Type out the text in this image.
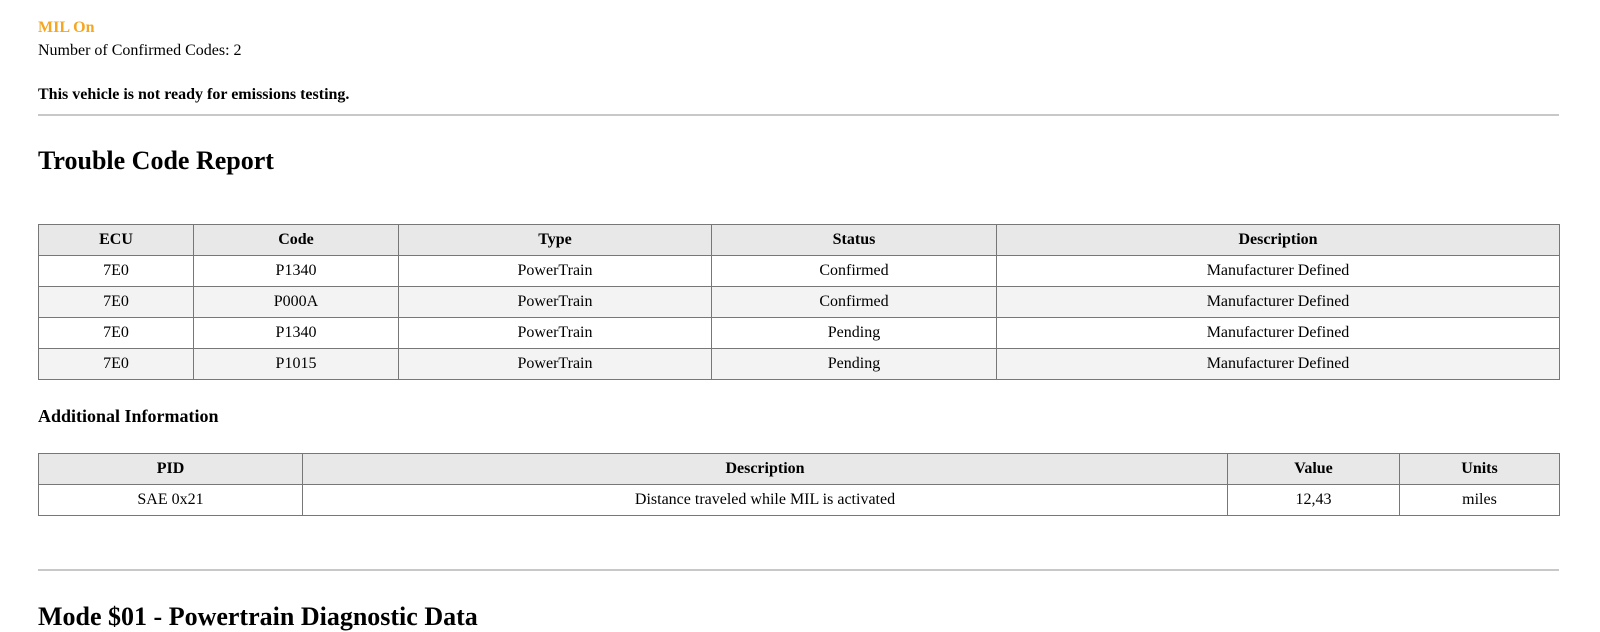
MIL On
Number of Confirmed Codes: 2
This vehicle is not ready for emissions testing.
Trouble Code Report
ECU	Code	Type	Status	Description
7E0	P1340	PowerTrain	Confirmed	Manufacturer Defined
7E0	P000A	PowerTrain	Confirmed	Manufacturer Defined
7E0	P1340	PowerTrain	Pending	Manufacturer Defined
7E0	P1015	PowerTrain	Pending	Manufacturer Defined
Additional Information
PID	Description	Value	Units
SAE 0x21	Distance traveled while MIL is activated	12,43	miles
Mode $01 - Powertrain Diagnostic Data
